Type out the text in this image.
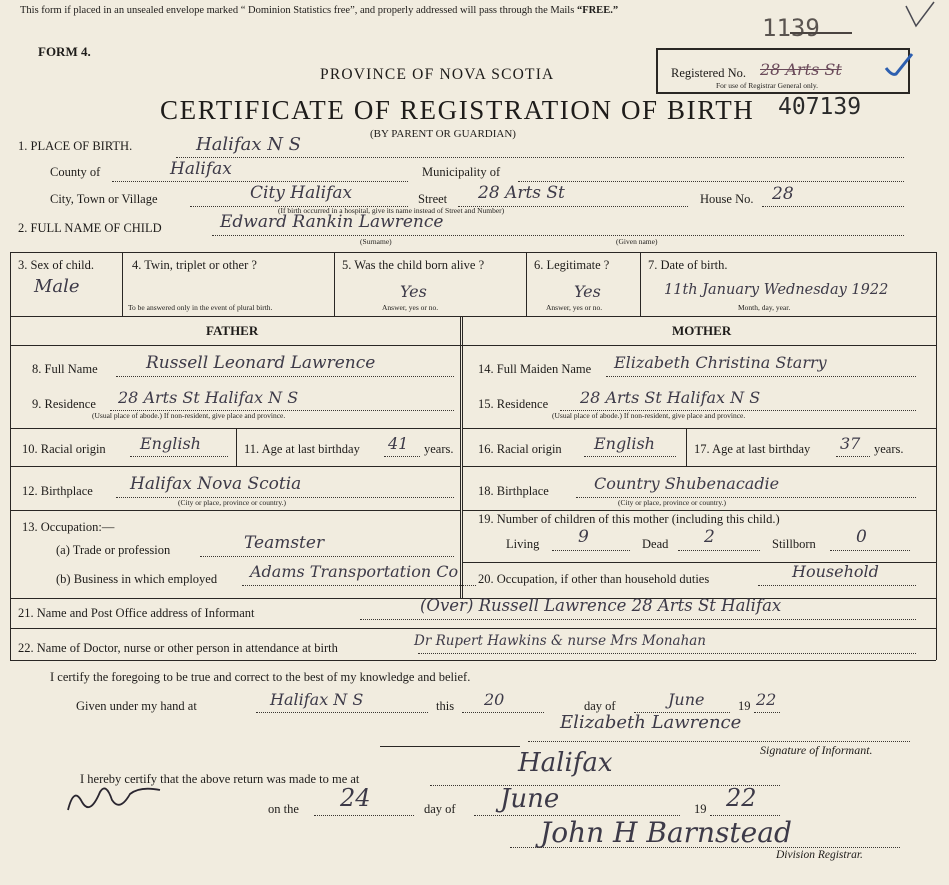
This form if placed in an unsealed envelope marked “ Dominion Statistics free”, and properly addressed will pass through the Mails “FREE.”
1139
FORM 4.
PROVINCE OF NOVA SCOTIA	Registered No.
For use of Registrar General only.
28 Arts St
CERTIFICATE OF REGISTRATION OF BIRTH 407139
(BY PARENT OR GUARDIAN)
1. PLACE OF BIRTH.	Halifax N S
County of	Halifax	Municipality of
City, Town or Village	City Halifax	Street 28 Arts St	House No. 28
(If birth occurred in a hospital, give its name instead of Street and Number)
2. FULL NAME OF CHILD	Edward Rankin Lawrence
(Surname)	(Given name)
3. Sex of child.
Male
4. Twin, triplet or other ?
To be answered only in the event of plural birth.
5. Was the child born alive ?
Yes
Answer, yes or no.
6. Legitimate ?
Yes
Answer, yes or no.
7. Date of birth.
11th January Wednesday 1922
Month, day, year.
FATHER	MOTHER
8. Full Name	Russell Leonard Lawrence
9. Residence 28 Arts St Halifax N S
(Usual place of abode.) If non-resident, give place and province.
10. Racial origin English	11. Age at last birthday 41 years.
12. Birthplace Halifax Nova Scotia
(City or place, province or country.)
13. Occupation:—
(a) Trade or profession	Teamster
(b) Business in which employed Adams Transportation Co
14. Full Maiden Name Elizabeth Christina Starry
15. Residence 28 Arts St Halifax N S
(Usual place of abode.) If non-resident, give place and province.
16. Racial origin English	17. Age at last birthday 37 years.
18. Birthplace	Country Shubenacadie
(City or place, province or country.)
19. Number of children of this mother (including this child.)
Living 9	Dead 2	Stillborn 0
20. Occupation, if other than household duties	Household
21. Name and Post Office address of Informant	(Over) Russell Lawrence 28 Arts St Halifax
22. Name of Doctor, nurse or other person in attendance at birth	Dr Rupert Hawkins & nurse Mrs Monahan
I certify the foregoing to be true and correct to the best of my knowledge and belief.
Given under my hand at	Halifax N S	this 20	day of	June	19 22
Elizabeth Lawrence
Signature of Informant.
I hereby certify that the above return was made to me at
Halifax
on the 24	day of June	19 22
John H Barnstead
Division Registrar.
